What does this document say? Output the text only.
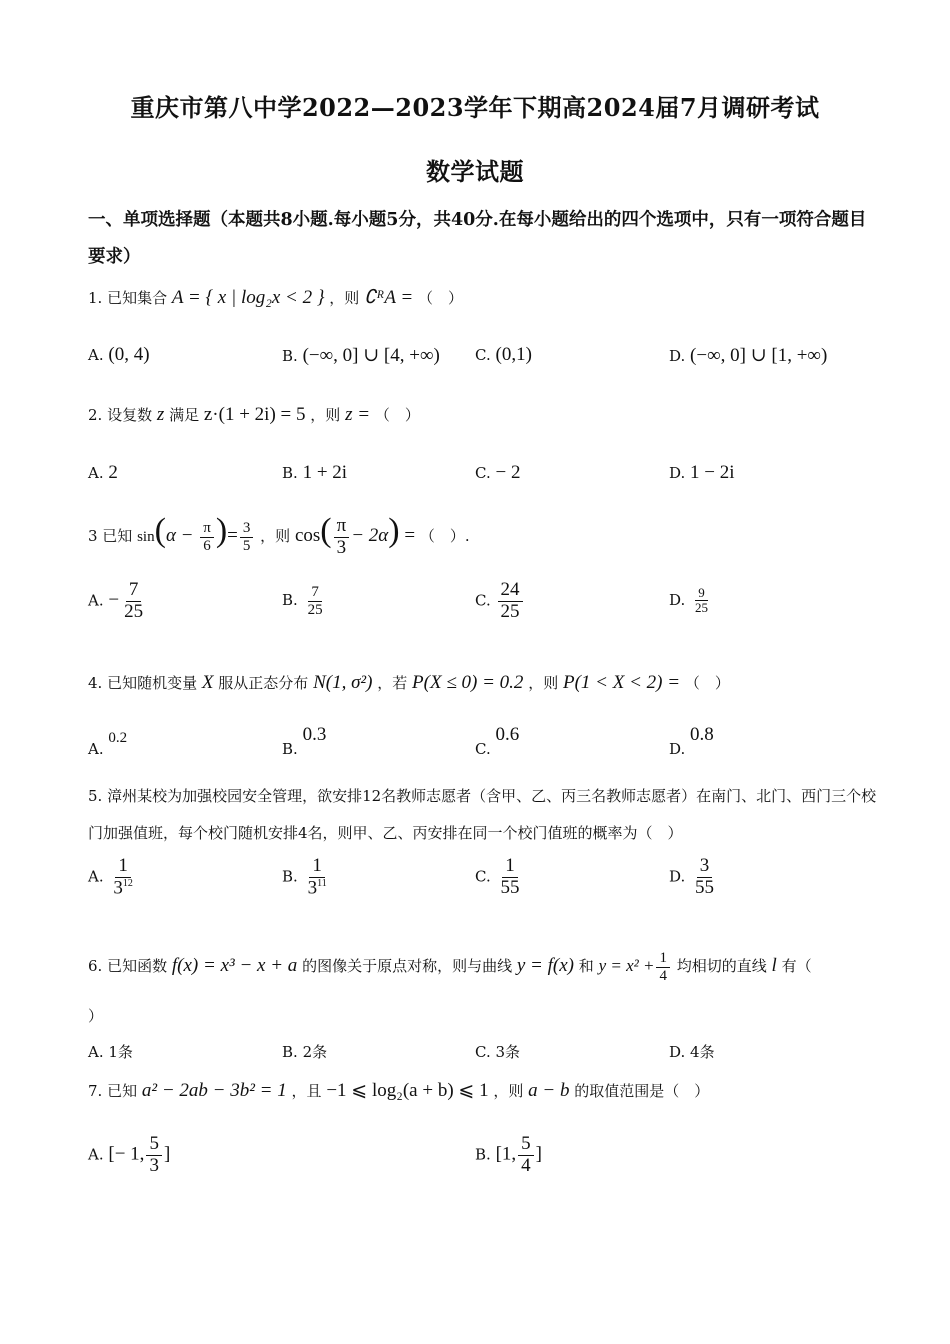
重庆市第八中学2022—2023学年下期高2024届7月调研考试
数学试题
一、单项选择题（本题共8小题.每小题5分，共40分.在每小题给出的四个选项中，只有一项符合题目要求）
1. 已知集合 A = { x | log₂x < 2 } ，则 ∁ᴿA = （　）
A. (0, 4)	B. (−∞, 0] ∪ [4, +∞) C. (0,1)	D. (−∞, 0] ∪ [1, +∞)
2. 设复数 z 满足 z·(1 + 2i) = 5 ，则 z = （　）
A. 2	B. 1 + 2i	C. − 2	D. 1 − 2i
3 已知 $\sin(\alpha - \frac{\pi}{6}$ )= $\frac{3}{5}$ ，则 $\cos( \frac{\pi}{3} - 2\alpha)$ = （　）.
A. − $\frac{7}{25}$	B. $\frac{7}{25}$	C. $\frac{24}{25}$	D. $\frac{9}{25}$
4. 已知随机变量 X 服从正态分布 N(1, σ²) ，若 P(X ≤ 0) = 0.2 ，则 P(1 < X < 2) = （　）
A. 0.2
B. 0.3
C. 0.6
D. 0.8
5. 漳州某校为加强校园安全管理，欲安排12名教师志愿者（含甲、乙、丙三名教师志愿者）在南门、北门、西门三个校门加强值班，每个校门随机安排4名，则甲、乙、丙安排在同一个校门值班的概率为（　）
A. $\frac{1}{3^{12}}$	B. $\frac{1}{3^{11}}$	C. $\frac{1}{55}$	D. $\frac{3}{55}$
6. 已知函数 f(x) = x³ − x + a 的图像关于原点对称，则与曲线 y = f(x) 和 $y = x^2 + \frac{1}{4}$ 均相切的直线 l 有（
）
A. 1条	B. 2条	C. 3条	D. 4条
7. 已知 a² − 2ab − 3b² = 1 ，且 −1 ⩽ log₂(a + b) ⩽ 1 ，则 a − b 的取值范围是（　）
A. [− 1, $\frac{5}{3}$ ]	B. [1, $\frac{5}{4}$ ]
